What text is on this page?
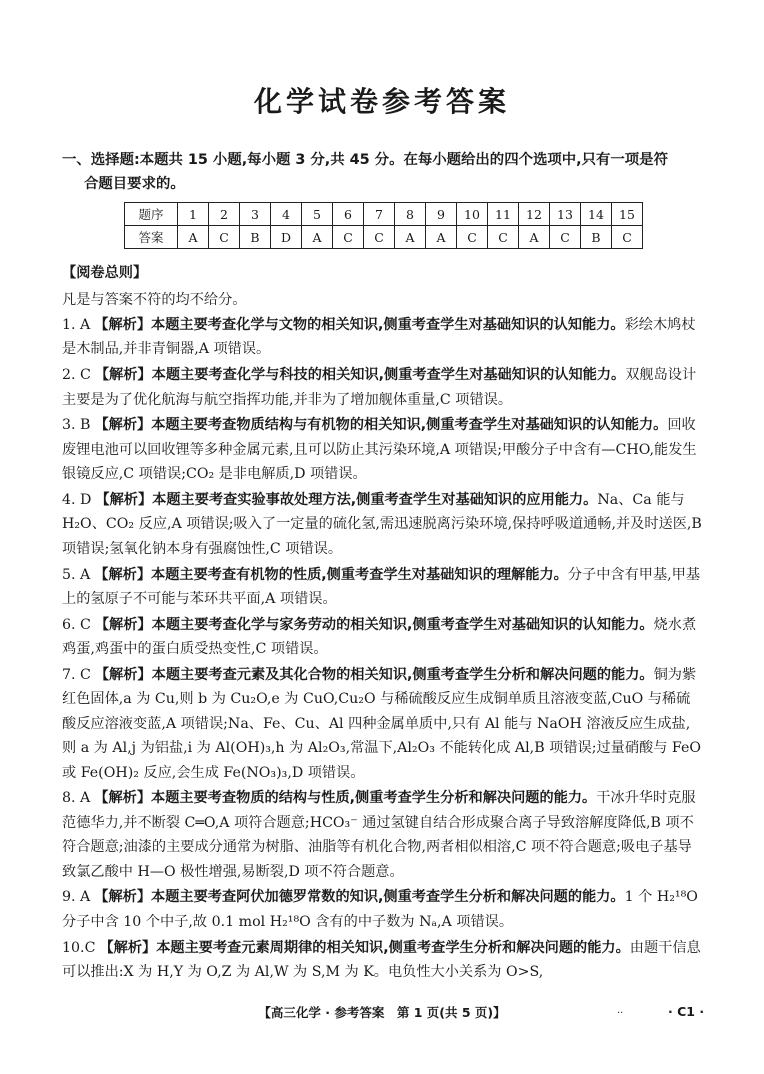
化学试卷参考答案
一、选择题:本题共 15 小题,每小题 3 分,共 45 分。在每小题给出的四个选项中,只有一项是符
合题目要求的。
题序	1	2	3	4	5	6	7	8	9	10	11	12	13	14	15
答案	A	C	B	D	A	C	C	A	A	C	C	A	C	B	C
【阅卷总则】
凡是与答案不符的均不给分。
1. A 【解析】本题主要考查化学与文物的相关知识,侧重考查学生对基础知识的认知能力。彩绘木鸠杖是木制品,并非青铜器,A 项错误。
2. C 【解析】本题主要考查化学与科技的相关知识,侧重考查学生对基础知识的认知能力。双舰岛设计主要是为了优化航海与航空指挥功能,并非为了增加舰体重量,C 项错误。
3. B 【解析】本题主要考查物质结构与有机物的相关知识,侧重考查学生对基础知识的认知能力。回收废锂电池可以回收锂等多种金属元素,且可以防止其污染环境,A 项错误;甲酸分子中含有—CHO,能发生银镜反应,C 项错误;CO₂ 是非电解质,D 项错误。
4. D 【解析】本题主要考查实验事故处理方法,侧重考查学生对基础知识的应用能力。Na、Ca 能与 H₂O、CO₂ 反应,A 项错误;吸入了一定量的硫化氢,需迅速脱离污染环境,保持呼吸道通畅,并及时送医,B 项错误;氢氧化钠本身有强腐蚀性,C 项错误。
5. A 【解析】本题主要考查有机物的性质,侧重考查学生对基础知识的理解能力。分子中含有甲基,甲基上的氢原子不可能与苯环共平面,A 项错误。
6. C 【解析】本题主要考查化学与家务劳动的相关知识,侧重考查学生对基础知识的认知能力。烧水煮鸡蛋,鸡蛋中的蛋白质受热变性,C 项错误。
7. C 【解析】本题主要考查元素及其化合物的相关知识,侧重考查学生分析和解决问题的能力。铜为紫红色固体,a 为 Cu,则 b 为 Cu₂O,e 为 CuO,Cu₂O 与稀硫酸反应生成铜单质且溶液变蓝,CuO 与稀硫酸反应溶液变蓝,A 项错误;Na、Fe、Cu、Al 四种金属单质中,只有 Al 能与 NaOH 溶液反应生成盐,则 a 为 Al,j 为铝盐,i 为 Al(OH)₃,h 为 Al₂O₃,常温下,Al₂O₃ 不能转化成 Al,B 项错误;过量硝酸与 FeO 或 Fe(OH)₂ 反应,会生成 Fe(NO₃)₃,D 项错误。
8. A 【解析】本题主要考查物质的结构与性质,侧重考查学生分析和解决问题的能力。干冰升华时克服范德华力,并不断裂 C═O,A 项符合题意;HCO₃⁻ 通过氢键自结合形成聚合离子导致溶解度降低,B 项不符合题意;油漆的主要成分通常为树脂、油脂等有机化合物,两者相似相溶,C 项不符合题意;吸电子基导致氯乙酸中 H—O 极性增强,易断裂,D 项不符合题意。
9. A 【解析】本题主要考查阿伏加德罗常数的知识,侧重考查学生分析和解决问题的能力。1 个 H₂¹⁸O 分子中含 10 个中子,故 0.1 mol H₂¹⁸O 含有的中子数为 Nₐ,A 项错误。
10.C 【解析】本题主要考查元素周期律的相关知识,侧重考查学生分析和解决问题的能力。由题干信息可以推出:X 为 H,Y 为 O,Z 为 Al,W 为 S,M 为 K。电负性大小关系为 O>S,
..
【高三化学 · 参考答案　第 1 页(共 5 页)】	· C1 ·
